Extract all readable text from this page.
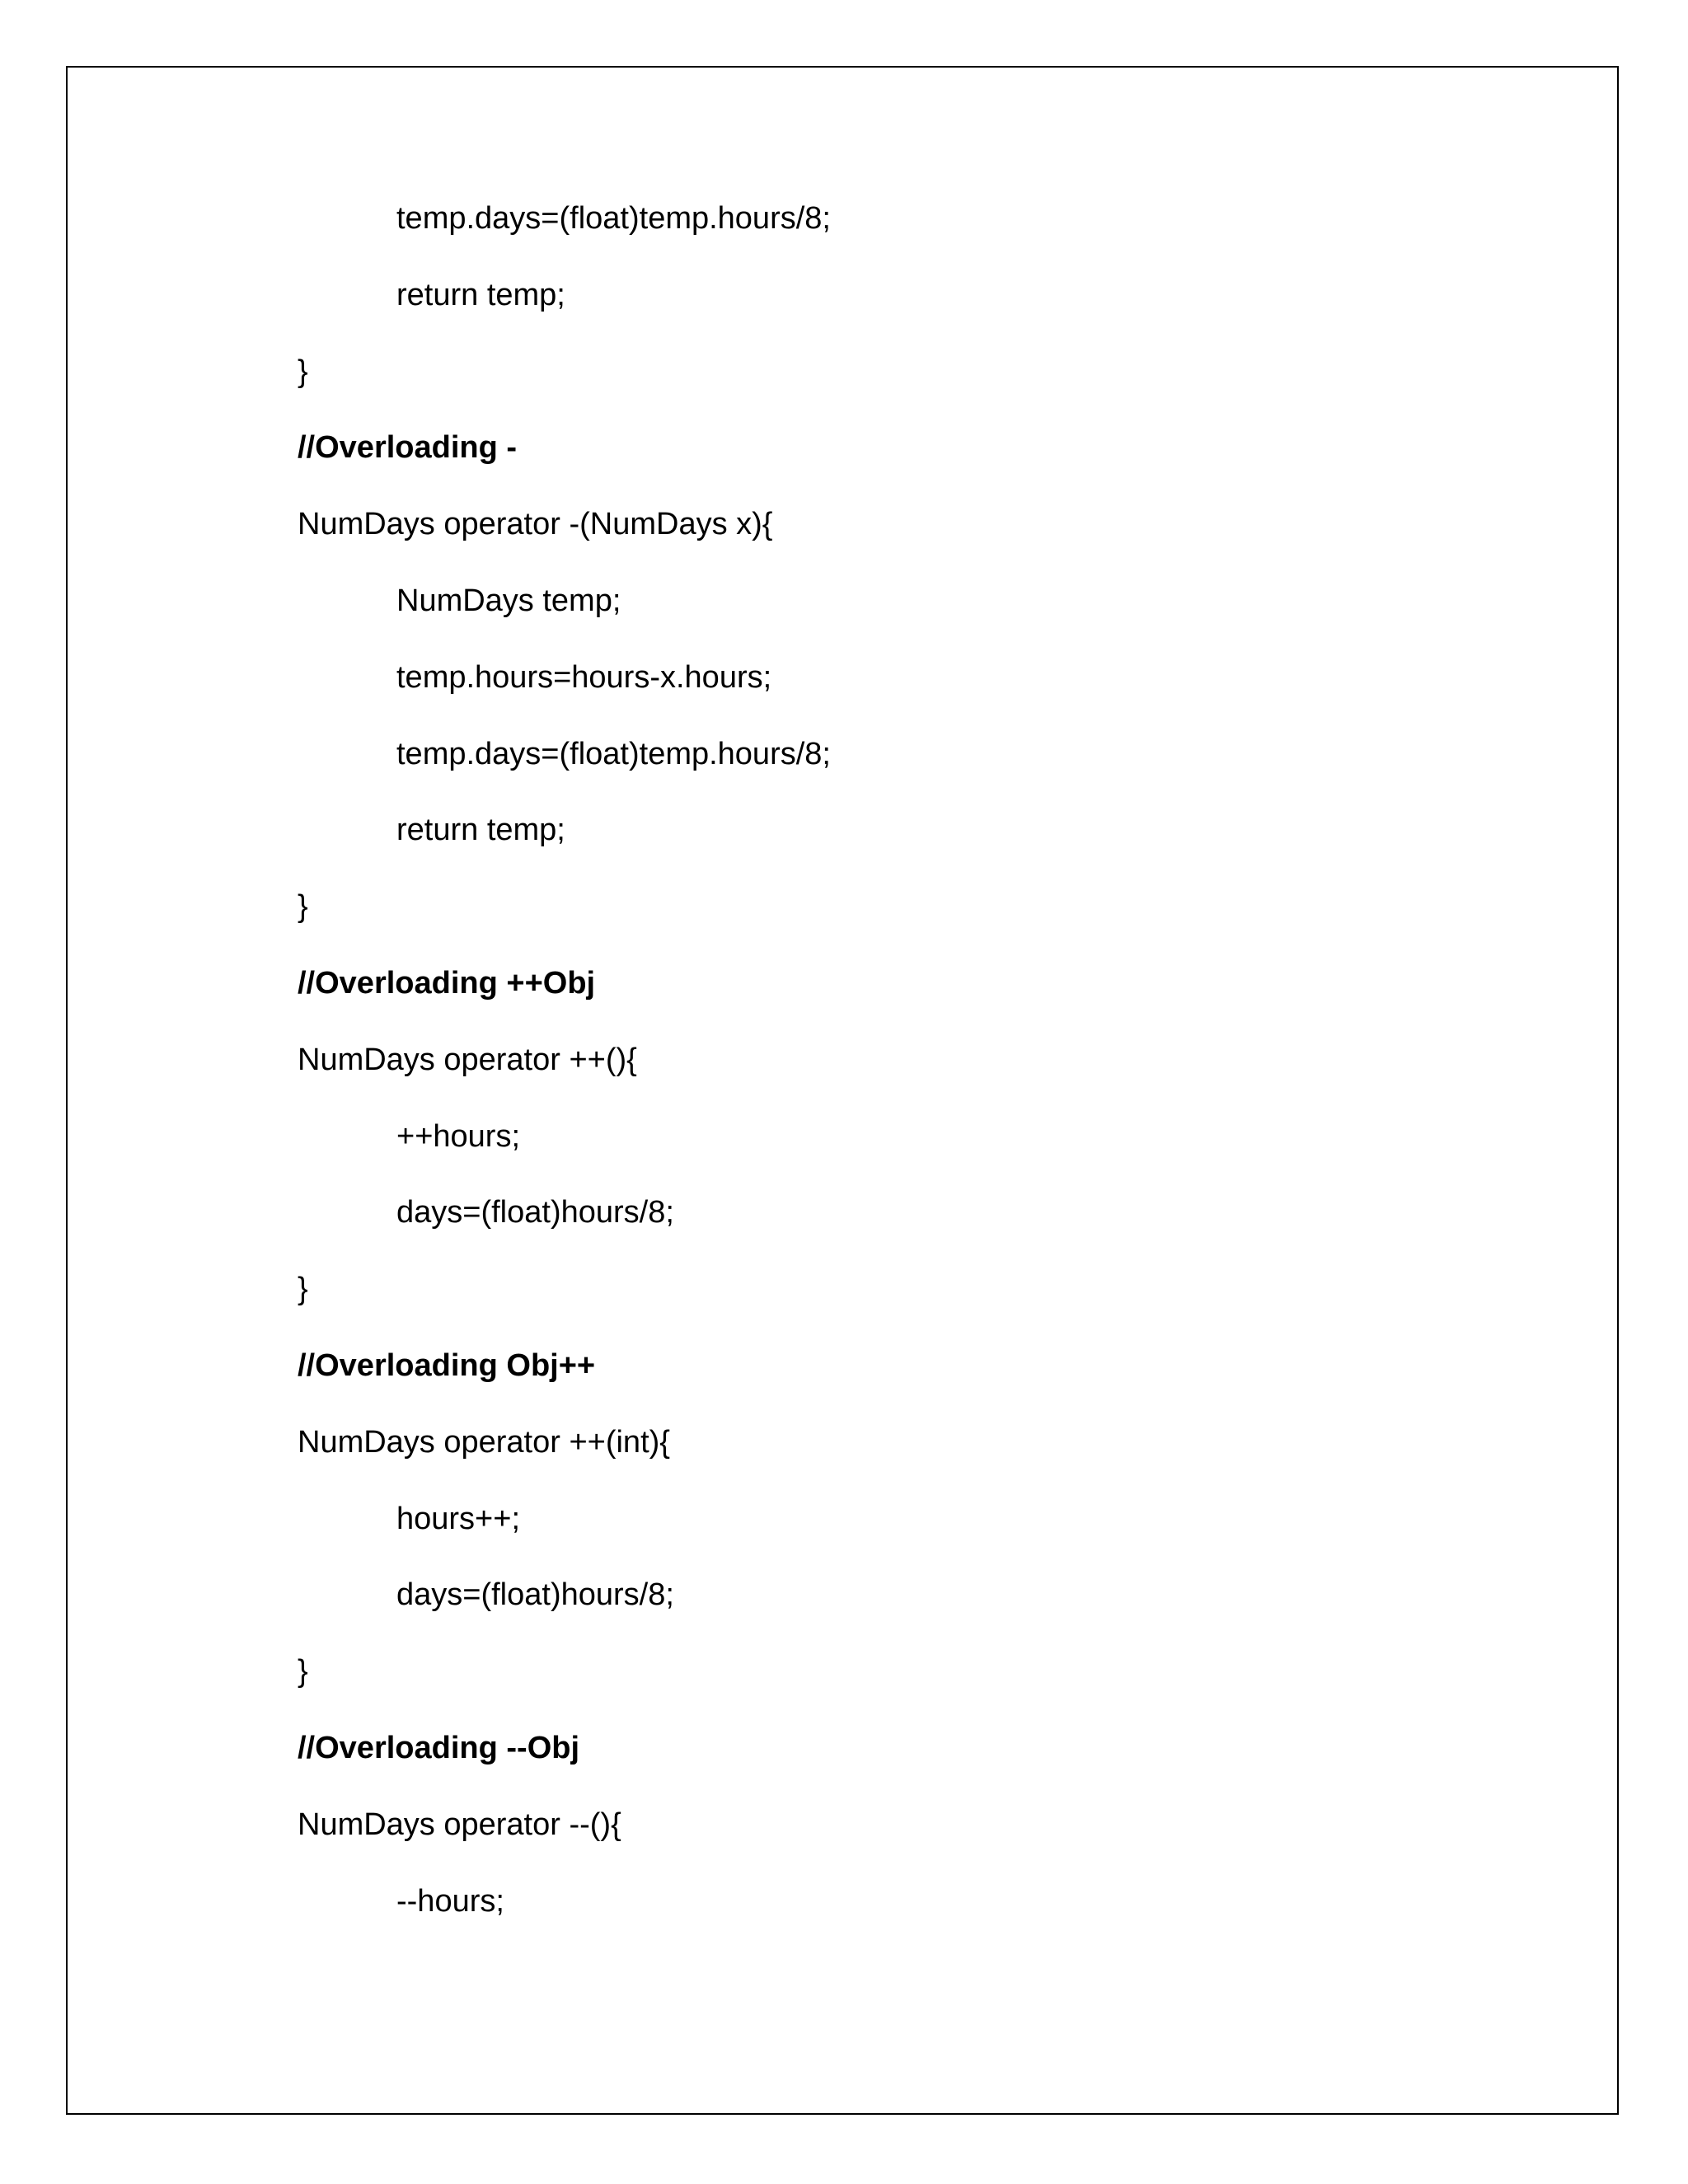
temp.days=(float)temp.hours/8;
return temp;
}
//Overloading -
NumDays operator -(NumDays x){
NumDays temp;
temp.hours=hours-x.hours;
temp.days=(float)temp.hours/8;
return temp;
}
//Overloading ++Obj
NumDays operator ++(){
++hours;
days=(float)hours/8;
}
//Overloading Obj++
NumDays operator ++(int){
hours++;
days=(float)hours/8;
}
//Overloading --Obj
NumDays operator --(){
--hours;
